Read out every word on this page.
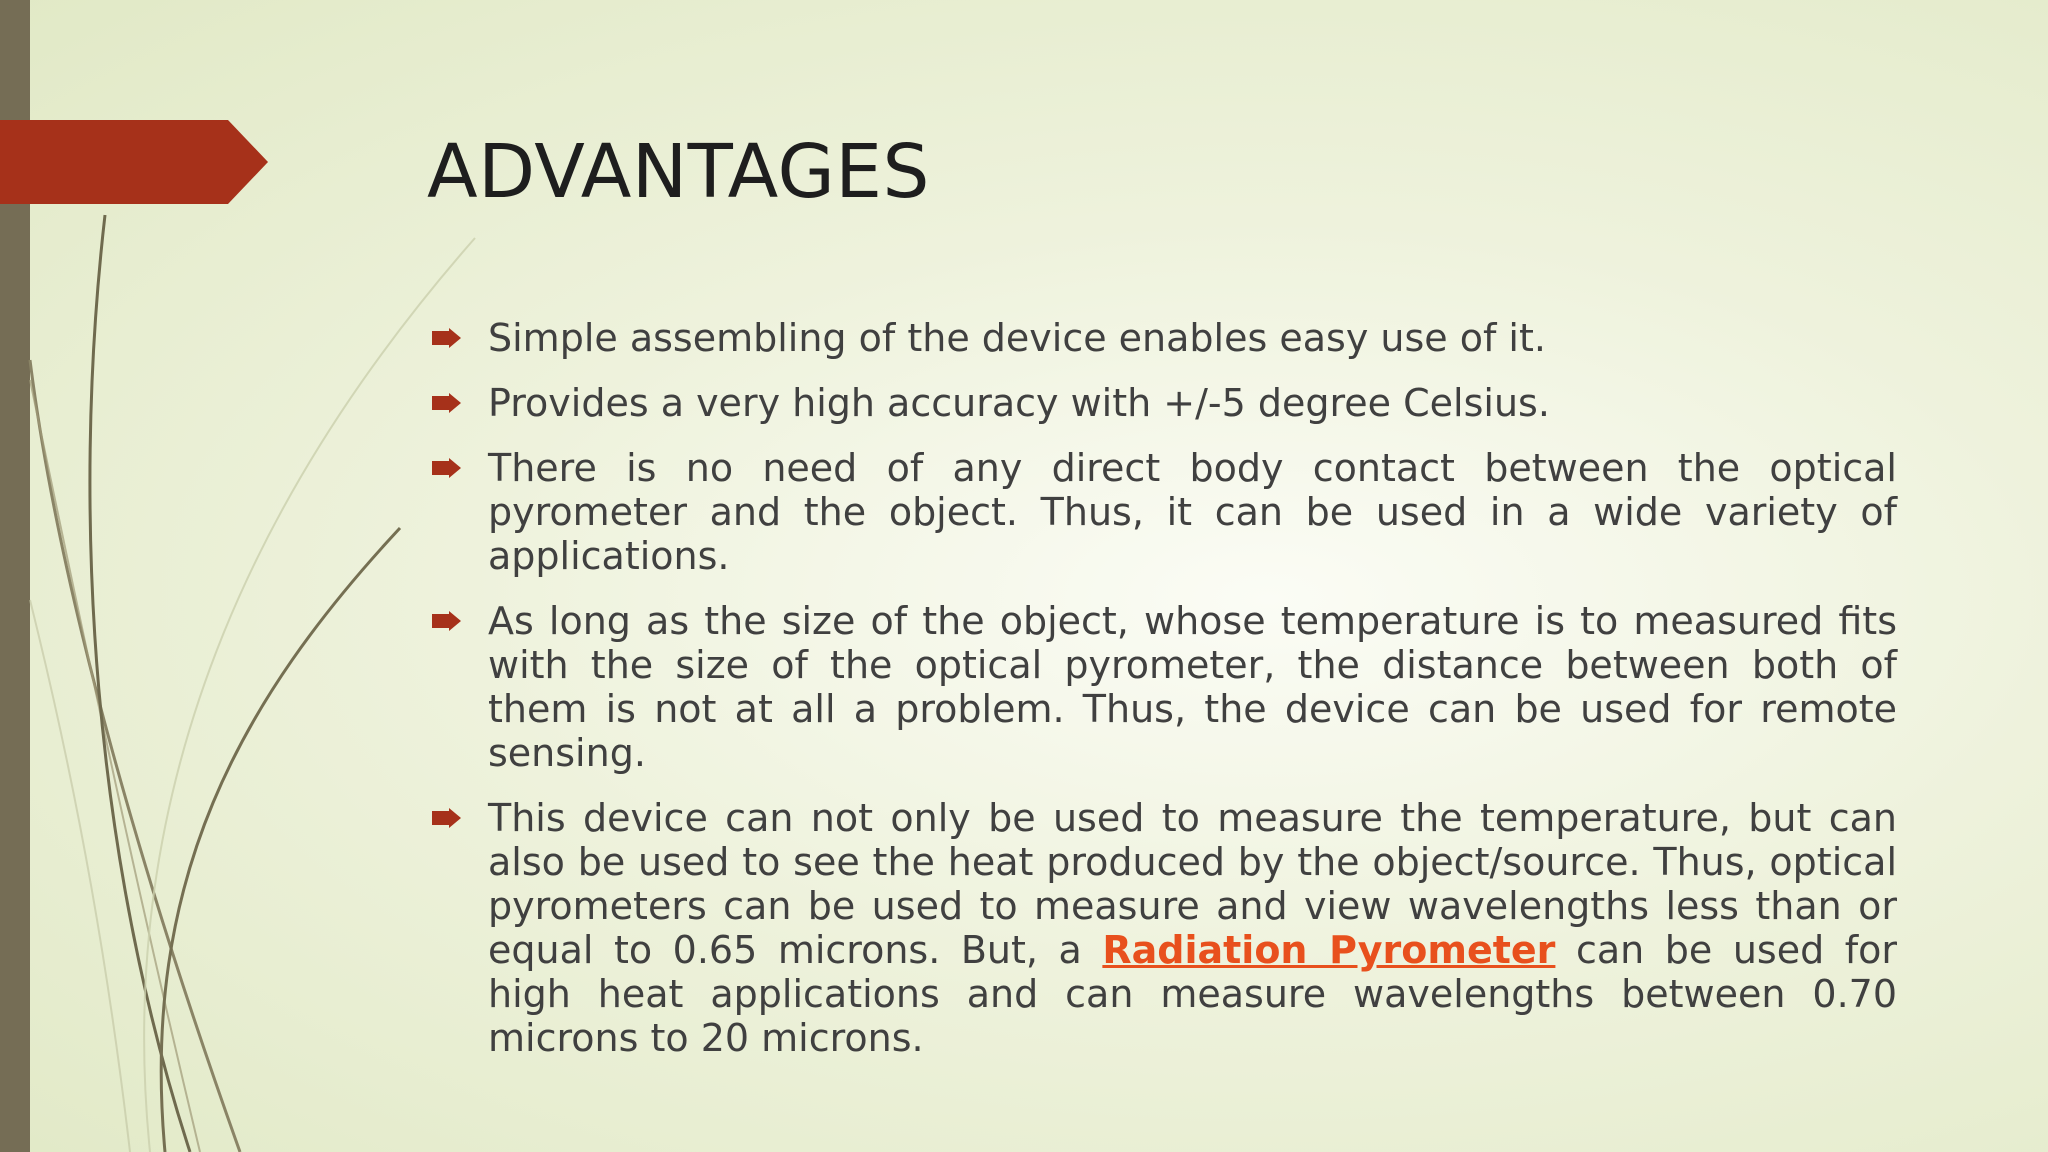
ADVANTAGES
Simple assembling of the device enables easy use of it.
Provides a very high accuracy with +/-5 degree Celsius.
There is no need of any direct body contact between the optical pyrometer and the object. Thus, it can be used in a wide variety of applications.
As long as the size of the object, whose temperature is to measured fits with the size of the optical pyrometer, the distance between both of them is not at all a problem. Thus, the device can be used for remote sensing.
This device can not only be used to measure the temperature, but can also be used to see the heat produced by the object/source. Thus, optical pyrometers can be used to measure and view wavelengths less than or equal to 0.65 microns. But, a Radiation Pyrometer can be used for high heat applications and can measure wavelengths between 0.70 microns to 20 microns.
